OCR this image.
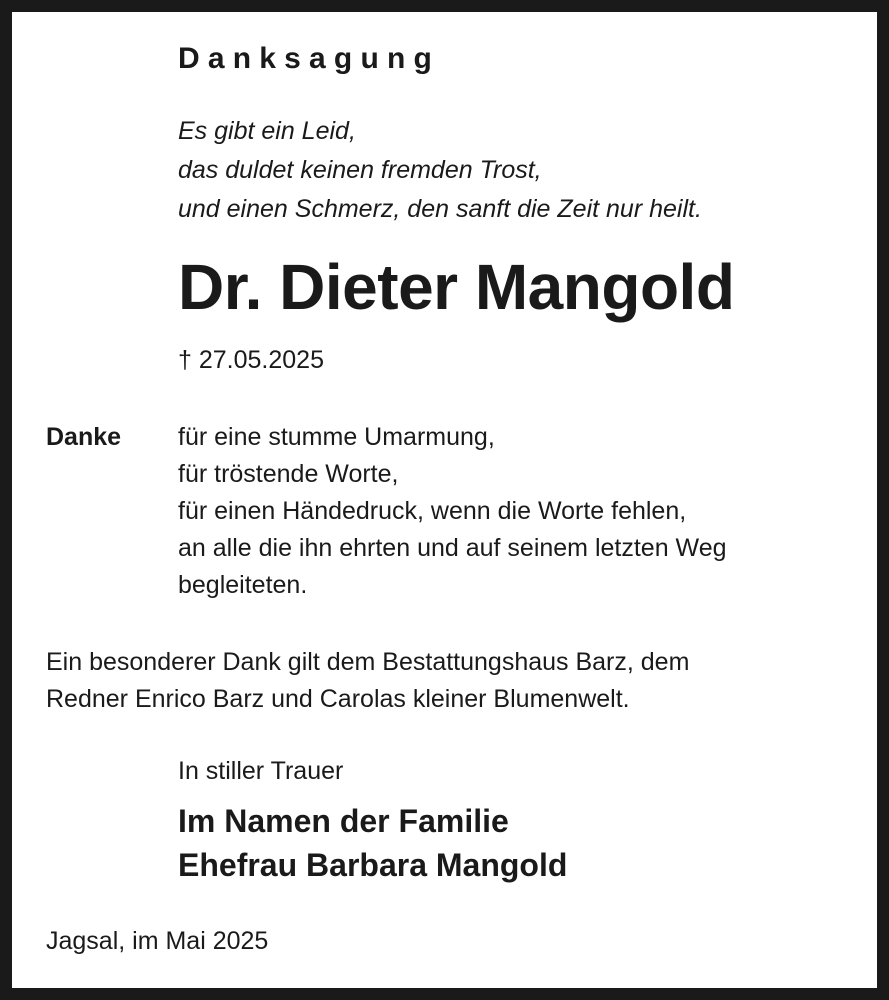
Danksagung
Es gibt ein Leid,
das duldet keinen fremden Trost,
und einen Schmerz, den sanft die Zeit nur heilt.
Dr. Dieter Mangold
† 27.05.2025
Danke für eine stumme Umarmung,
für tröstende Worte,
für einen Händedruck, wenn die Worte fehlen,
an alle die ihn ehrten und auf seinem letzten Weg
begleiteten.
Ein besonderer Dank gilt dem Bestattungshaus Barz, dem
Redner Enrico Barz und Carolas kleiner Blumenwelt.
In stiller Trauer
Im Namen der Familie
Ehefrau Barbara Mangold
Jagsal, im Mai 2025
